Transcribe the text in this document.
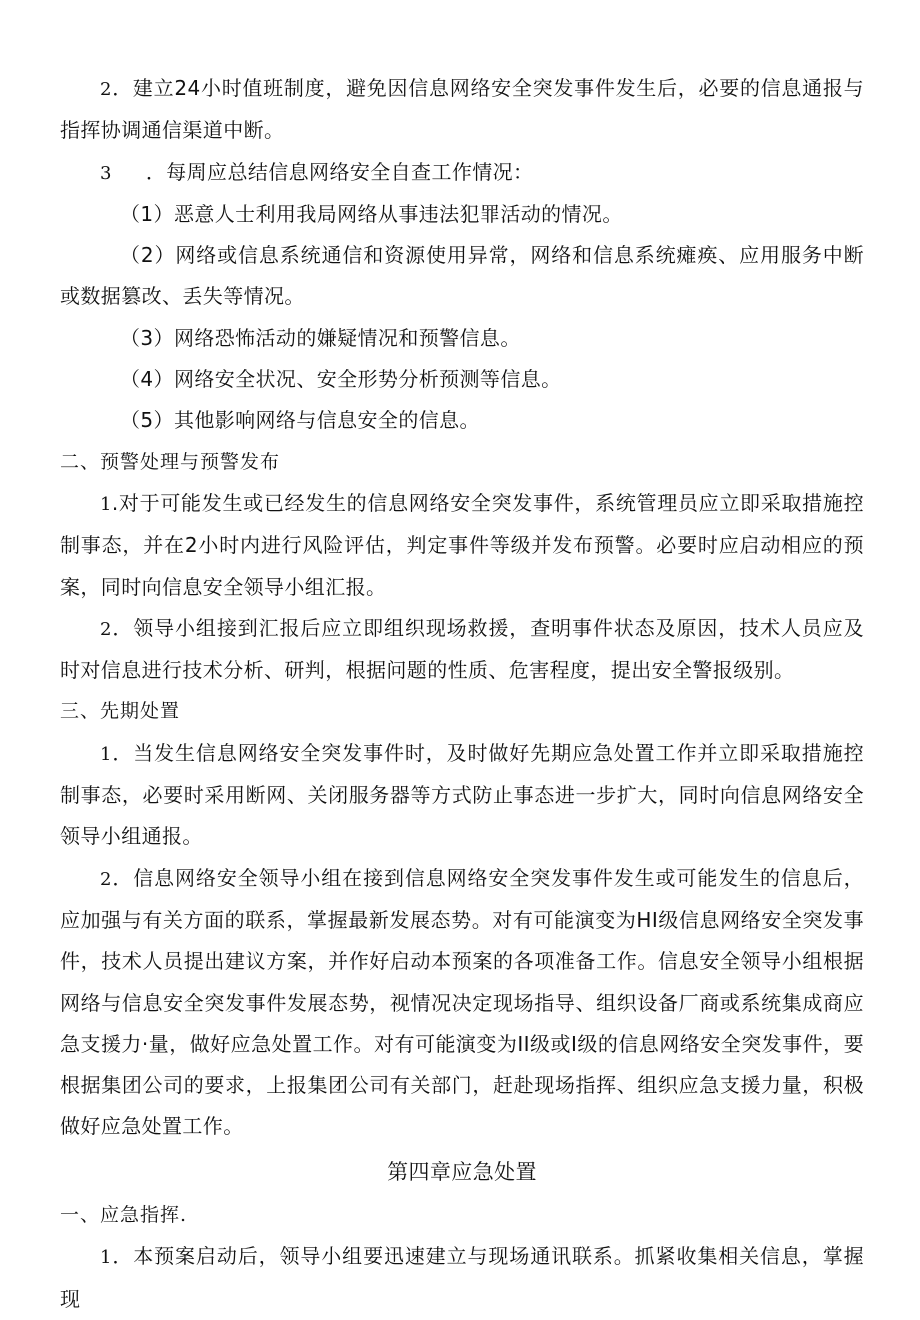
2．建立24小时值班制度，避免因信息网络安全突发事件发生后，必要的信息通报与指挥协调通信渠道中断。

3 ．每周应总结信息网络安全自查工作情况：

（1）恶意人士利用我局网络从事违法犯罪活动的情况。

（2）网络或信息系统通信和资源使用异常，网络和信息系统瘫痪、应用服务中断或数据篡改、丢失等情况。

（3）网络恐怖活动的嫌疑情况和预警信息。

（4）网络安全状况、安全形势分析预测等信息。

（5）其他影响网络与信息安全的信息。

二、预警处理与预警发布

1.对于可能发生或已经发生的信息网络安全突发事件，系统管理员应立即采取措施控制事态，并在2小时内进行风险评估，判定事件等级并发布预警。必要时应启动相应的预案，同时向信息安全领导小组汇报。

2．领导小组接到汇报后应立即组织现场救援，查明事件状态及原因，技术人员应及时对信息进行技术分析、研判，根据问题的性质、危害程度，提出安全警报级别。

三、先期处置

1．当发生信息网络安全突发事件时，及时做好先期应急处置工作并立即采取措施控制事态，必要时采用断网、关闭服务器等方式防止事态进一步扩大，同时向信息网络安全领导小组通报。

2．信息网络安全领导小组在接到信息网络安全突发事件发生或可能发生的信息后，应加强与有关方面的联系，掌握最新发展态势。对有可能演变为HI级信息网络安全突发事件，技术人员提出建议方案，并作好启动本预案的各项准备工作。信息安全领导小组根据网络与信息安全突发事件发展态势，视情况决定现场指导、组织设备厂商或系统集成商应急支援力·量，做好应急处置工作。对有可能演变为II级或I级的信息网络安全突发事件，要根据集团公司的要求，上报集团公司有关部门，赶赴现场指挥、组织应急支援力量，积极做好应急处置工作。

第四章应急处置

一、应急指挥.

1．本预案启动后，领导小组要迅速建立与现场通讯联系。抓紧收集相关信息，掌握现
